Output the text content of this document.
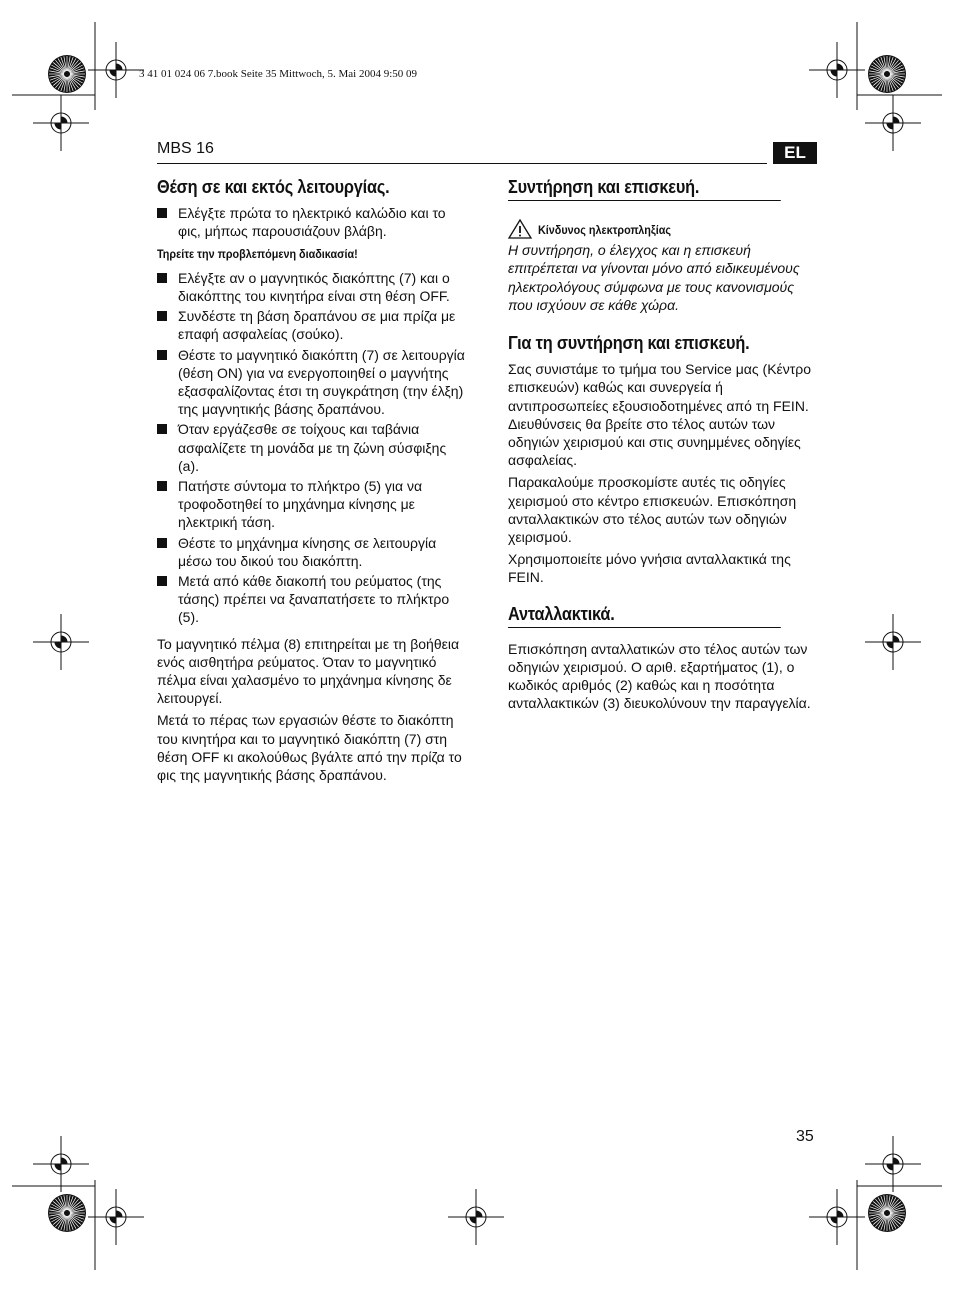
3 41 01 024 06 7.book Seite 35 Mittwoch, 5. Mai 2004 9:50 09
MBS 16	EL
Θέση σε και εκτός λειτουργίας.
Ελέγξτε πρώτα το ηλεκτρικό καλώδιο και το φις, μήπως παρουσιάζουν βλάβη.
Τηρείτε την προβλεπόμενη διαδικασία!
Ελέγξτε αν ο μαγνητικός διακόπτης (7) και ο διακόπτης του κινητήρα είναι στη θέση OFF.
Συνδέστε τη βάση δραπάνου σε μια πρίζα με επαφή ασφαλείας (σούκο).
Θέστε το μαγνητικό διακόπτη (7) σε λειτουργία (θέση ON) για να ενεργοποιηθεί ο μαγνήτης εξασφαλίζοντας έτσι τη συγκράτηση (την έλξη) της μαγνητικής βάσης δραπάνου.
Όταν εργάζεσθε σε τοίχους και ταβάνια ασφαλίζετε τη μονάδα με τη ζώνη σύσφιξης (a).
Πατήστε σύντομα το πλήκτρο (5) για να τροφοδοτηθεί το μηχάνημα κίνησης με ηλεκτρική τάση.
Θέστε το μηχάνημα κίνησης σε λειτουργία μέσω του δικού του διακόπτη.
Μετά από κάθε διακοπή του ρεύματος (της τάσης) πρέπει να ξαναπατήσετε το πλήκτρο (5).

Το μαγνητικό πέλμα (8) επιτηρείται με τη βοήθεια ενός αισθητήρα ρεύματος. Όταν το μαγνητικό πέλμα είναι χαλασμένο το μηχάνημα κίνησης δε λειτουργεί.

Μετά το πέρας των εργασιών θέστε το διακόπτη του κινητήρα και το μαγνητικό διακόπτη (7) στη θέση OFF κι ακολούθως βγάλτε από την πρίζα το φις της μαγνητικής βάσης δραπάνου.

Συντήρηση και επισκευή.
Κίνδυνος ηλεκτροπληξίας

Η συντήρηση, ο έλεγχος και η επισκευή επιτρέπεται να γίνονται μόνο από ειδικευμένους ηλεκτρολόγους σύμφωνα με τους κανονισμούς που ισχύουν σε κάθε χώρα.

Για τη συντήρηση και επισκευή.

Σας συνιστάμε το τμήμα του Service μας (Κέντρο επισκευών) καθώς και συνεργεία ή αντιπροσωπείες εξουσιοδοτημένες από τη FEIN. Διευθύνσεις θα βρείτε στο τέλος αυτών των οδηγιών χειρισμού και στις συνημμένες οδηγίες ασφαλείας.

Παρακαλούμε προσκομίστε αυτές τις οδηγίες χειρισμού στο κέντρο επισκευών. Επισκόπηση ανταλλακτικών στο τέλος αυτών των οδηγιών χειρισμού.

Χρησιμοποιείτε μόνο γνήσια ανταλλακτικά της FEIN.

Ανταλλακτικά.

Επισκόπηση ανταλλατικών στο τέλος αυτών των οδηγιών χειρισμού. Ο αριθ. εξαρτήματος (1), ο κωδικός αριθμός (2) καθώς και η ποσότητα ανταλλακτικών (3) διευκολύνουν την παραγγελία.

35
